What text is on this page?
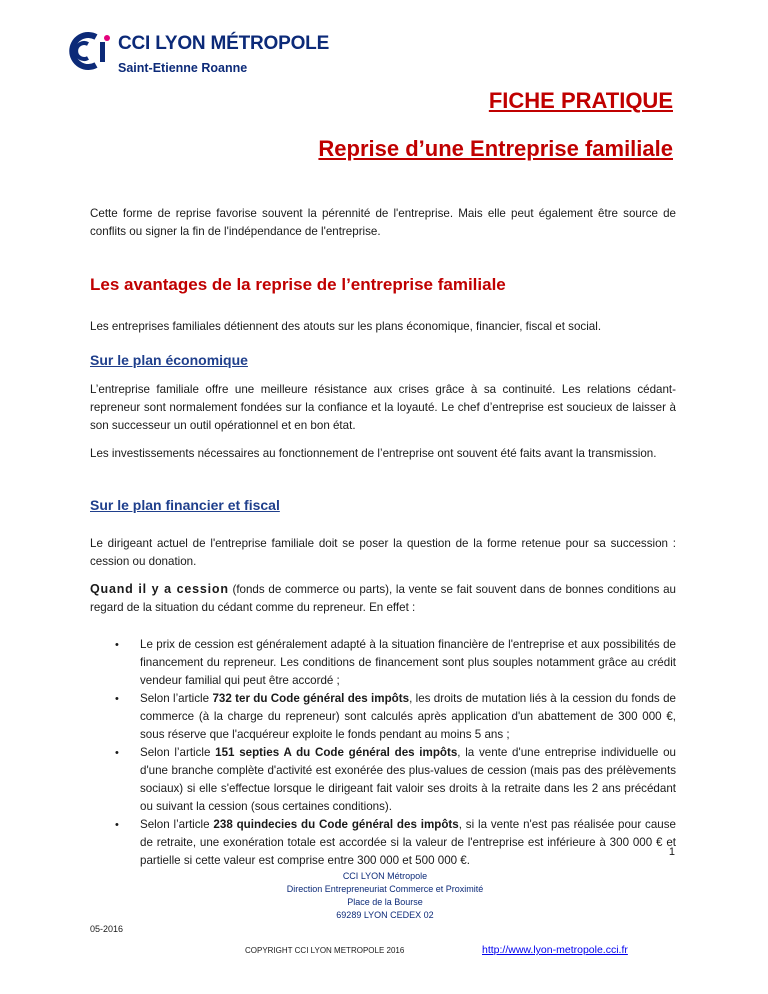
CCI LYON MÉTROPOLE
Saint-Etienne Roanne
FICHE PRATIQUE
Reprise d’une Entreprise familiale

Cette forme de reprise favorise souvent la pérennité de l'entreprise. Mais elle peut également être source de conflits ou signer la fin de l'indépendance de l'entreprise.

Les avantages de la reprise de l’entreprise familiale

Les entreprises familiales détiennent des atouts sur les plans économique, financier, fiscal et social.

Sur le plan économique

L’entreprise familiale offre une meilleure résistance aux crises grâce à sa continuité. Les relations cédant-repreneur sont normalement fondées sur la confiance et la loyauté. Le chef d’entreprise est soucieux de laisser à son successeur un outil opérationnel et en bon état.

Les investissements nécessaires au fonctionnement de l’entreprise ont souvent été faits avant la transmission.

Sur le plan financier et fiscal

Le dirigeant actuel de l'entreprise familiale doit se poser la question de la forme retenue pour sa succession : cession ou donation.

Quand il y a cession (fonds de commerce ou parts), la vente se fait souvent dans de bonnes conditions au regard de la situation du cédant comme du repreneur. En effet :

• Le prix de cession est généralement adapté à la situation financière de l'entreprise et aux possibilités de financement du repreneur. Les conditions de financement sont plus souples notamment grâce au crédit vendeur familial qui peut être accordé ;
• Selon l’article 732 ter du Code général des impôts, les droits de mutation liés à la cession du fonds de commerce (à la charge du repreneur) sont calculés après application d'un abattement de 300 000 €, sous réserve que l'acquéreur exploite le fonds pendant au moins 5 ans ;
• Selon l’article 151 septies A du Code général des impôts, la vente d'une entreprise individuelle ou d'une branche complète d'activité est exonérée des plus-values de cession (mais pas des prélèvements sociaux) si elle s'effectue lorsque le dirigeant fait valoir ses droits à la retraite dans les 2 ans précédant ou suivant la cession (sous certaines conditions).
• Selon l’article 238 quindecies du Code général des impôts, si la vente n'est pas réalisée pour cause de retraite, une exonération totale est accordée si la valeur de l'entreprise est inférieure à 300 000 € et partielle si cette valeur est comprise entre 300 000 et 500 000 €.
1
CCI LYON Métropole
Direction Entrepreneuriat Commerce et Proximité
Place de la Bourse
69289 LYON CEDEX 02
05-2016
COPYRIGHT CCI LYON METROPOLE 2016	http://www.lyon-metropole.cci.fr
